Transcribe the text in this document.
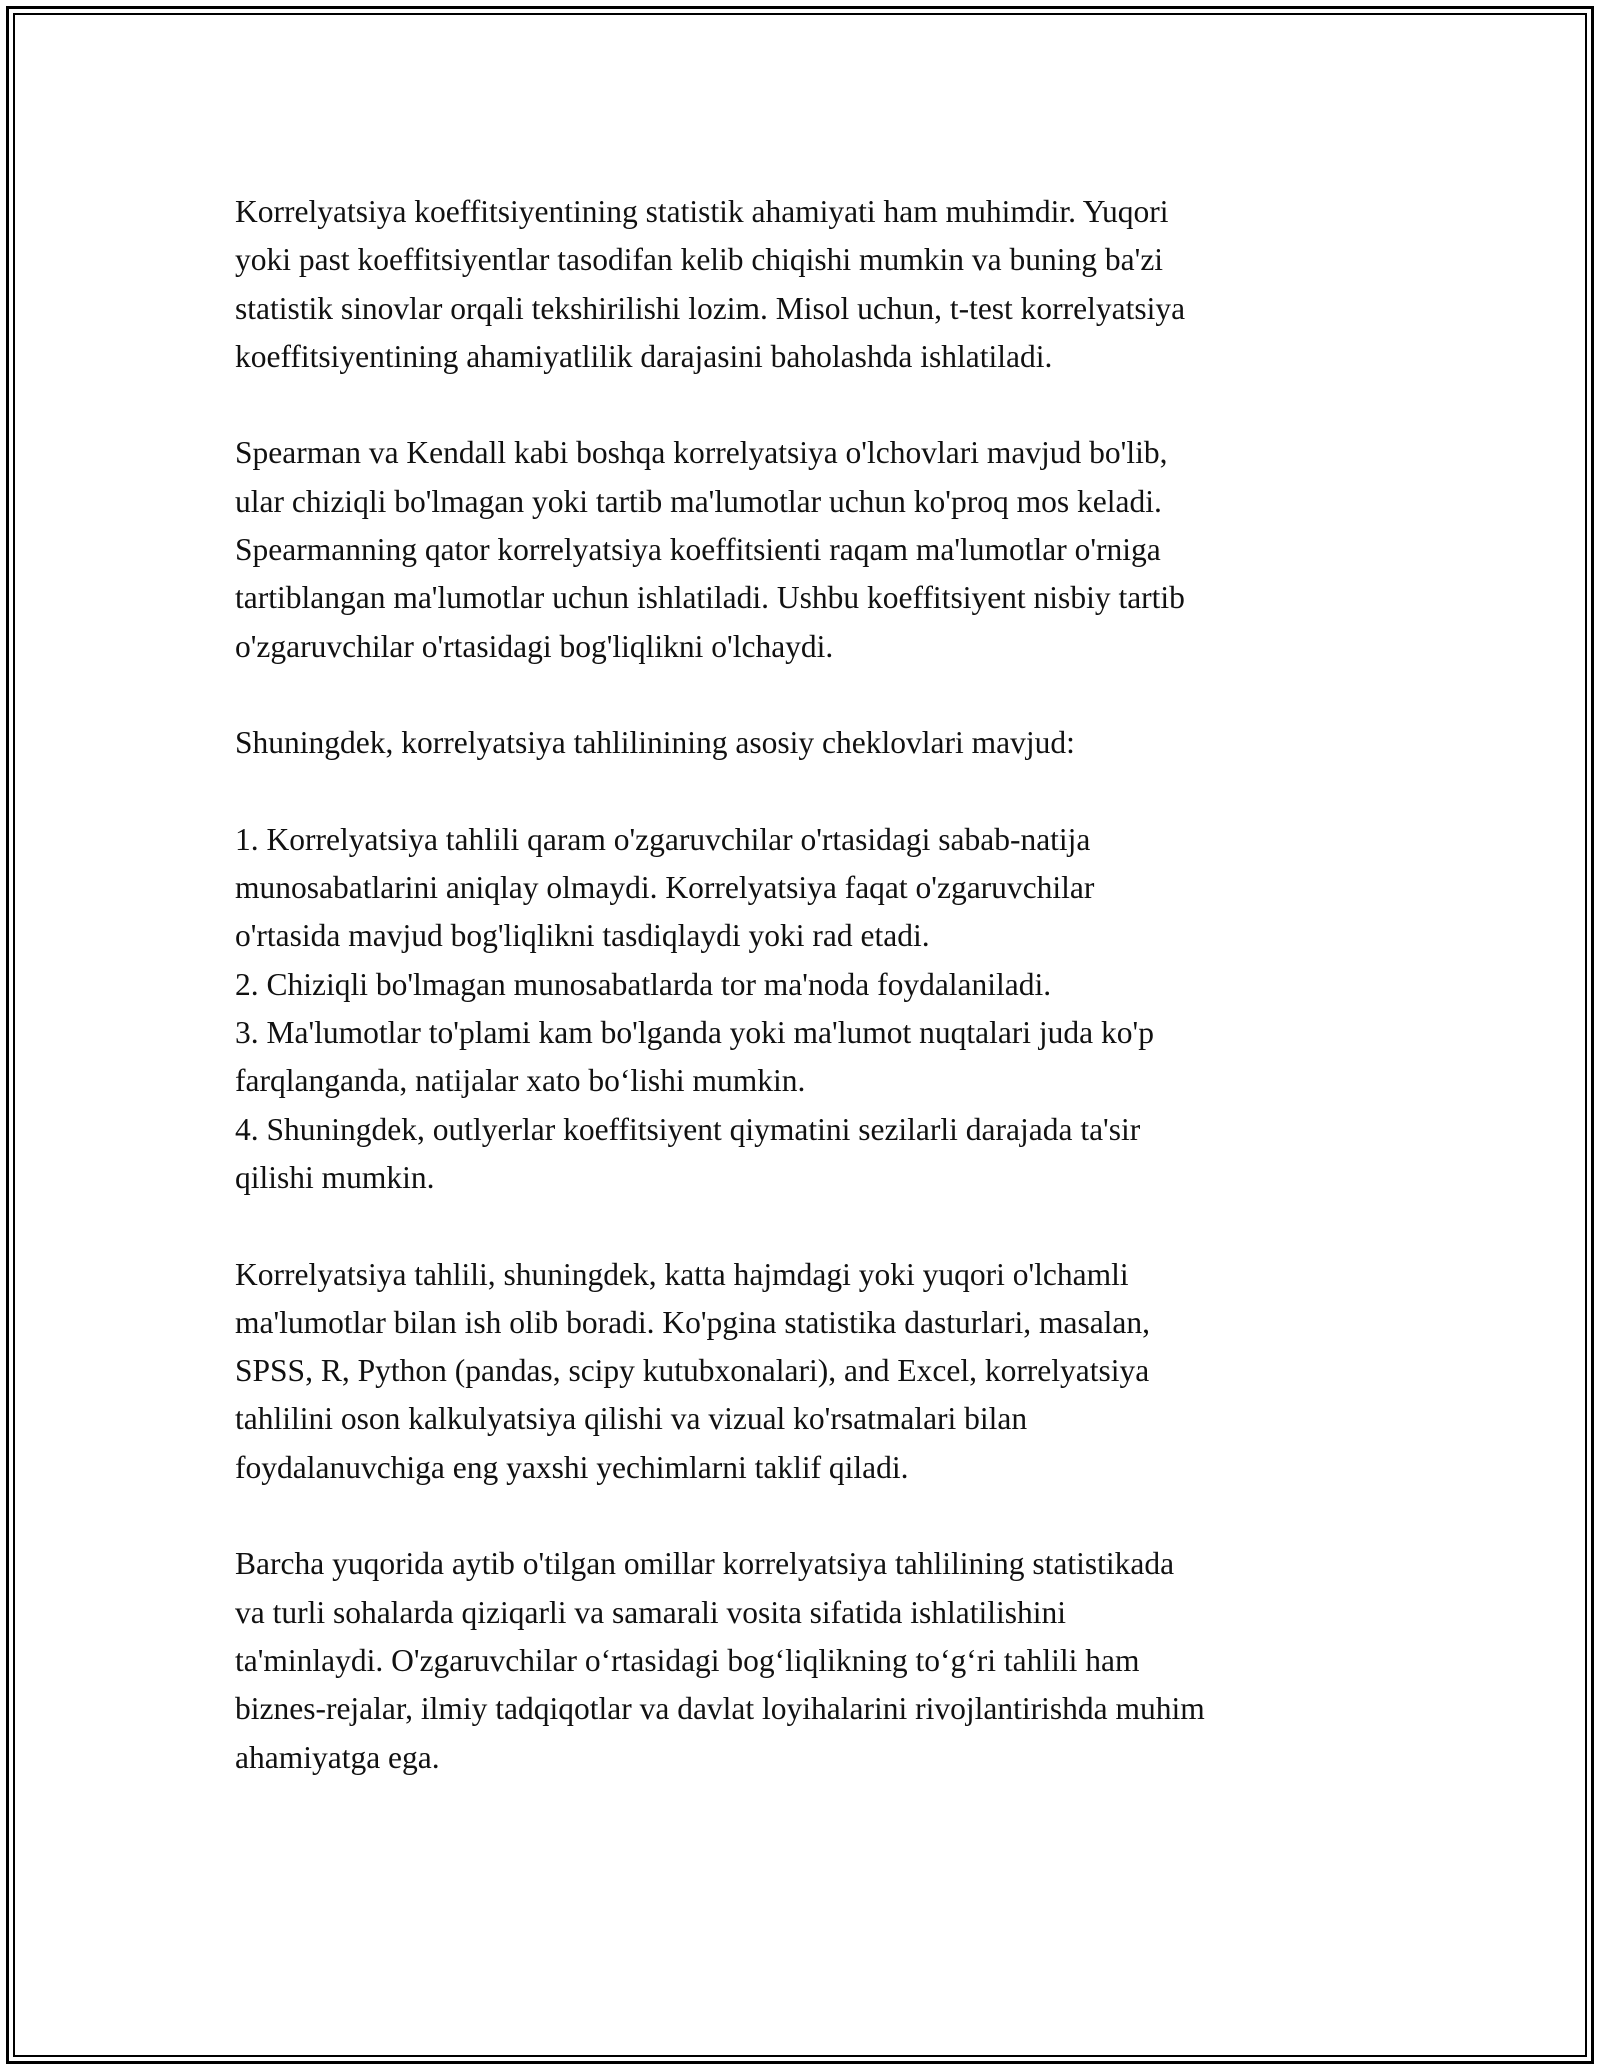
Korrelyatsiya koeffitsiyentining statistik ahamiyati ham muhimdir. Yuqori
yoki past koeffitsiyentlar tasodifan kelib chiqishi mumkin va buning ba'zi
statistik sinovlar orqali tekshirilishi lozim. Misol uchun, t-test korrelyatsiya
koeffitsiyentining ahamiyatlilik darajasini baholashda ishlatiladi.

Spearman va Kendall kabi boshqa korrelyatsiya o'lchovlari mavjud bo'lib,
ular chiziqli bo'lmagan yoki tartib ma'lumotlar uchun ko'proq mos keladi.
Spearmanning qator korrelyatsiya koeffitsienti raqam ma'lumotlar o'rniga
tartiblangan ma'lumotlar uchun ishlatiladi. Ushbu koeffitsiyent nisbiy tartib
o'zgaruvchilar o'rtasidagi bog'liqlikni o'lchaydi.

Shuningdek, korrelyatsiya tahlilinining asosiy cheklovlari mavjud:

1. Korrelyatsiya tahlili qaram o'zgaruvchilar o'rtasidagi sabab-natija
munosabatlarini aniqlay olmaydi. Korrelyatsiya faqat o'zgaruvchilar
o'rtasida mavjud bog'liqlikni tasdiqlaydi yoki rad etadi.
2. Chiziqli bo'lmagan munosabatlarda tor ma'noda foydalaniladi.
3. Ma'lumotlar to'plami kam bo'lganda yoki ma'lumot nuqtalari juda ko'p
farqlanganda, natijalar xato bo‘lishi mumkin.
4. Shuningdek, outlyerlar koeffitsiyent qiymatini sezilarli darajada ta'sir
qilishi mumkin.

Korrelyatsiya tahlili, shuningdek, katta hajmdagi yoki yuqori o'lchamli
ma'lumotlar bilan ish olib boradi. Ko'pgina statistika dasturlari, masalan,
SPSS, R, Python (pandas, scipy kutubxonalari), and Excel, korrelyatsiya
tahlilini oson kalkulyatsiya qilishi va vizual ko'rsatmalari bilan
foydalanuvchiga eng yaxshi yechimlarni taklif qiladi.

Barcha yuqorida aytib o'tilgan omillar korrelyatsiya tahlilining statistikada
va turli sohalarda qiziqarli va samarali vosita sifatida ishlatilishini
ta'minlaydi. O'zgaruvchilar o‘rtasidagi bog‘liqlikning to‘g‘ri tahlili ham
biznes-rejalar, ilmiy tadqiqotlar va davlat loyihalarini rivojlantirishda muhim
ahamiyatga ega.
